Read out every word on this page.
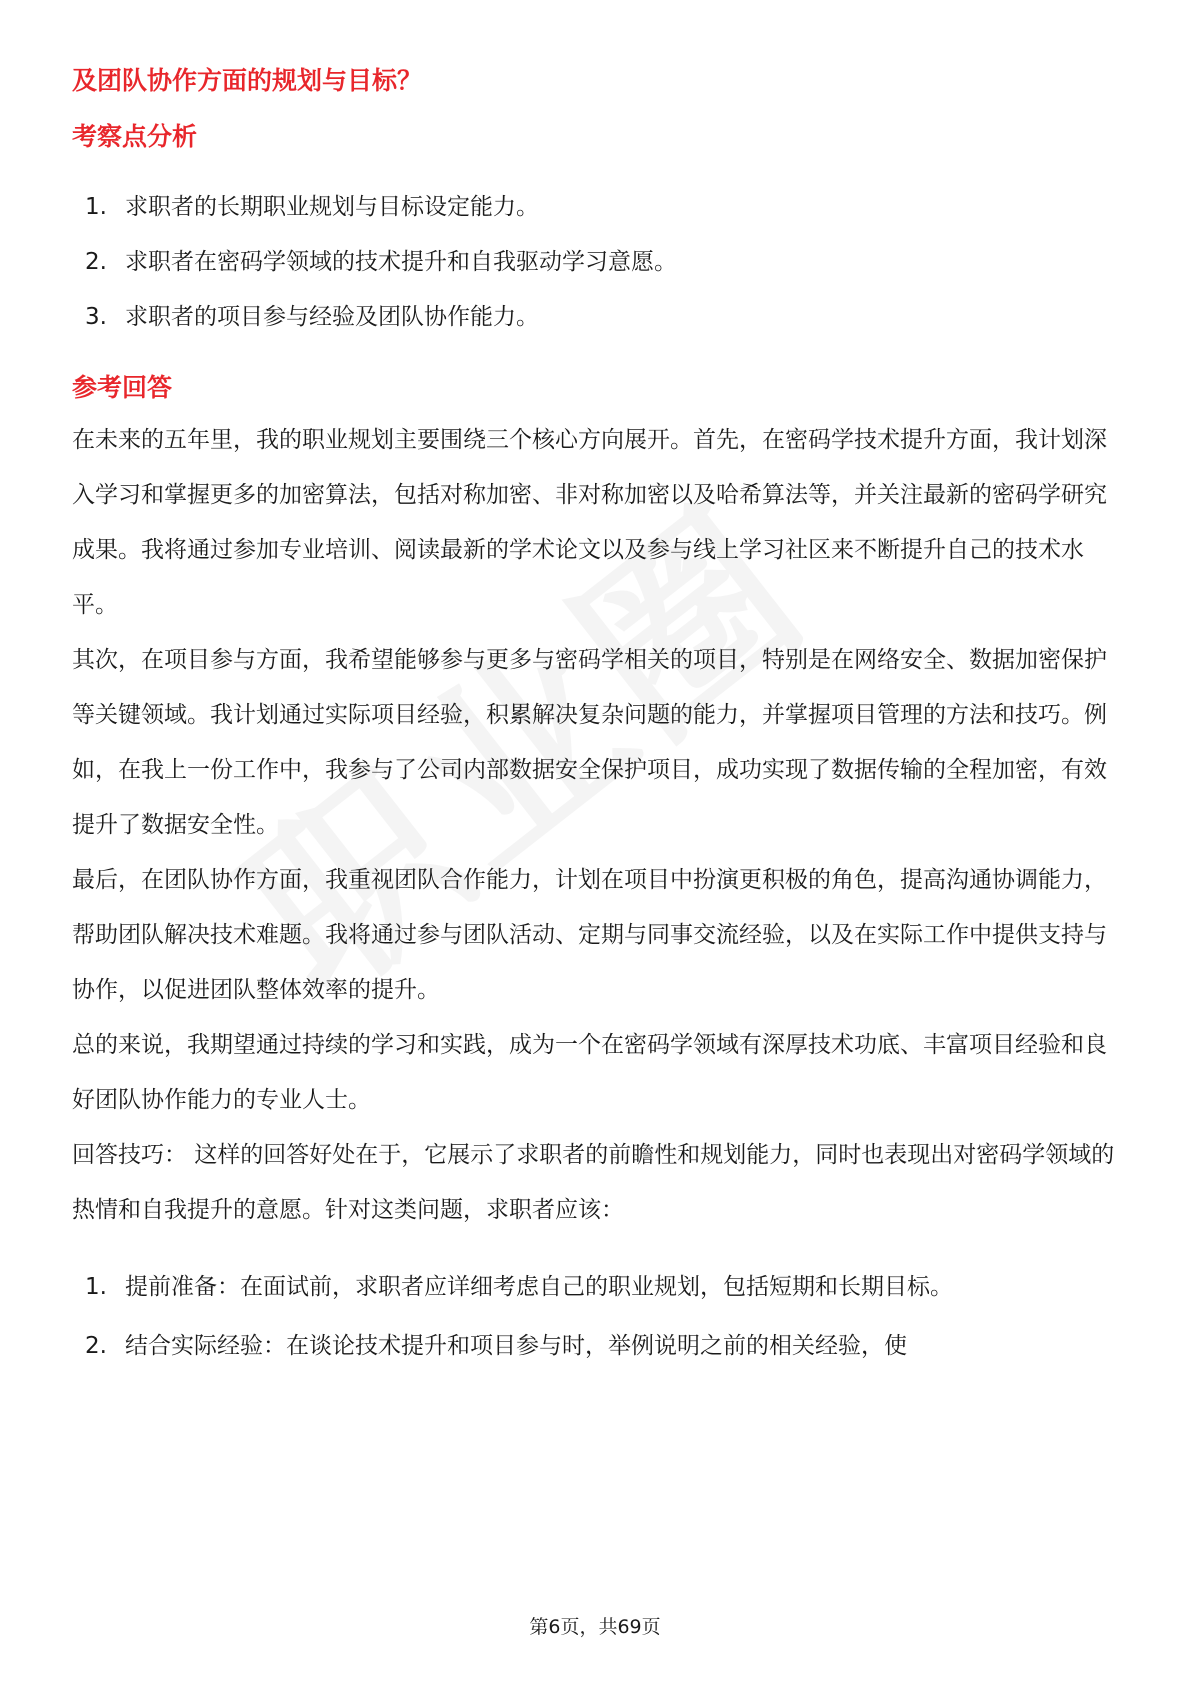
及团队协作方面的规划与目标？
考察点分析
1. 求职者的长期职业规划与目标设定能力。
2. 求职者在密码学领域的技术提升和自我驱动学习意愿。
3. 求职者的项目参与经验及团队协作能力。
参考回答

在未来的五年里，我的职业规划主要围绕三个核心方向展开。首先，在密码学技术提升方面，我计划深入学习和掌握更多的加密算法，包括对称加密、非对称加密以及哈希算法等，并关注最新的密码学研究成果。我将通过参加专业培训、阅读最新的学术论文以及参与线上学习社区来不断提升自己的技术水平。

其次，在项目参与方面，我希望能够参与更多与密码学相关的项目，特别是在网络安全、数据加密保护等关键领域。我计划通过实际项目经验，积累解决复杂问题的能力，并掌握项目管理的方法和技巧。例如，在我上一份工作中，我参与了公司内部数据安全保护项目，成功实现了数据传输的全程加密，有效提升了数据安全性。

最后，在团队协作方面，我重视团队合作能力，计划在项目中扮演更积极的角色，提高沟通协调能力，帮助团队解决技术难题。我将通过参与团队活动、定期与同事交流经验，以及在实际工作中提供支持与协作，以促进团队整体效率的提升。

总的来说，我期望通过持续的学习和实践，成为一个在密码学领域有深厚技术功底、丰富项目经验和良好团队协作能力的专业人士。

回答技巧： 这样的回答好处在于，它展示了求职者的前瞻性和规划能力，同时也表现出对密码学领域的热情和自我提升的意愿。针对这类问题，求职者应该：

1. 提前准备：在面试前，求职者应详细考虑自己的职业规划，包括短期和长期目标。
2. 结合实际经验：在谈论技术提升和项目参与时，举例说明之前的相关经验，使
第6页，共69页
